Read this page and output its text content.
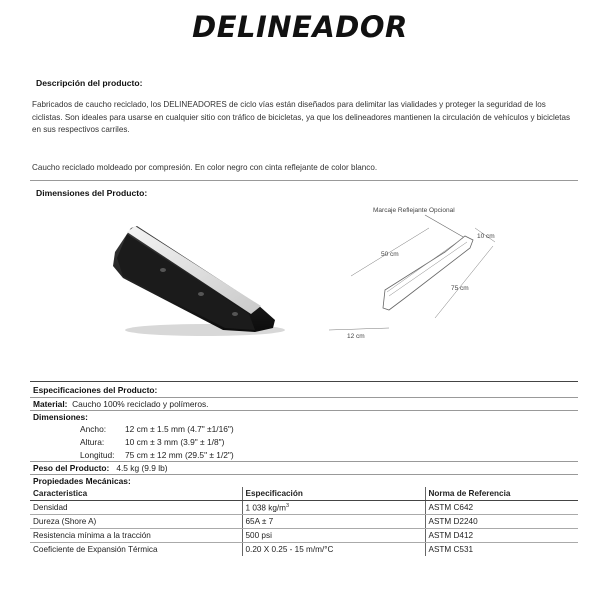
DELINEADOR
Descripción del producto:
Fabricados de caucho reciclado, los DELINEADORES de ciclo vías están diseñados para delimitar las vialidades y proteger la seguridad de los ciclistas. Son ideales para usarse en cualquier sitio con tráfico de bicicletas, ya que los delineadores mantienen la circulación de vehículos y bicicletas en sus respectivos carriles.
Caucho reciclado moldeado por compresión. En color negro con cinta reflejante de color blanco.
Dimensiones del Producto:
Marcaje Reflejante Opcional
50 cm
10 cm
75 cm
12 cm
Especificaciones del Producto:
Material: Caucho 100% reciclado y polímeros.
Dimensiones:
Ancho: 12 cm ± 1.5 mm (4.7" ±1/16")
Altura: 10 cm ± 3 mm (3.9" ± 1/8")
Longitud: 75 cm ± 12 mm (29.5" ± 1/2")
Peso del Producto: 4.5 kg (9.9 lb)
Propiedades Mecánicas:
Caracteristica	Especificación	Norma de Referencia
Densidad	1 038 $kg/m^3$	ASTM C642
Dureza (Shore A)	65A ± 7	ASTM D2240
Resistencia mínima a la tracción	500 psi	ASTM D412
Coeficiente de Expansión Térmica	0.20 X 0.25 - 15 m/m/°C	ASTM C531
